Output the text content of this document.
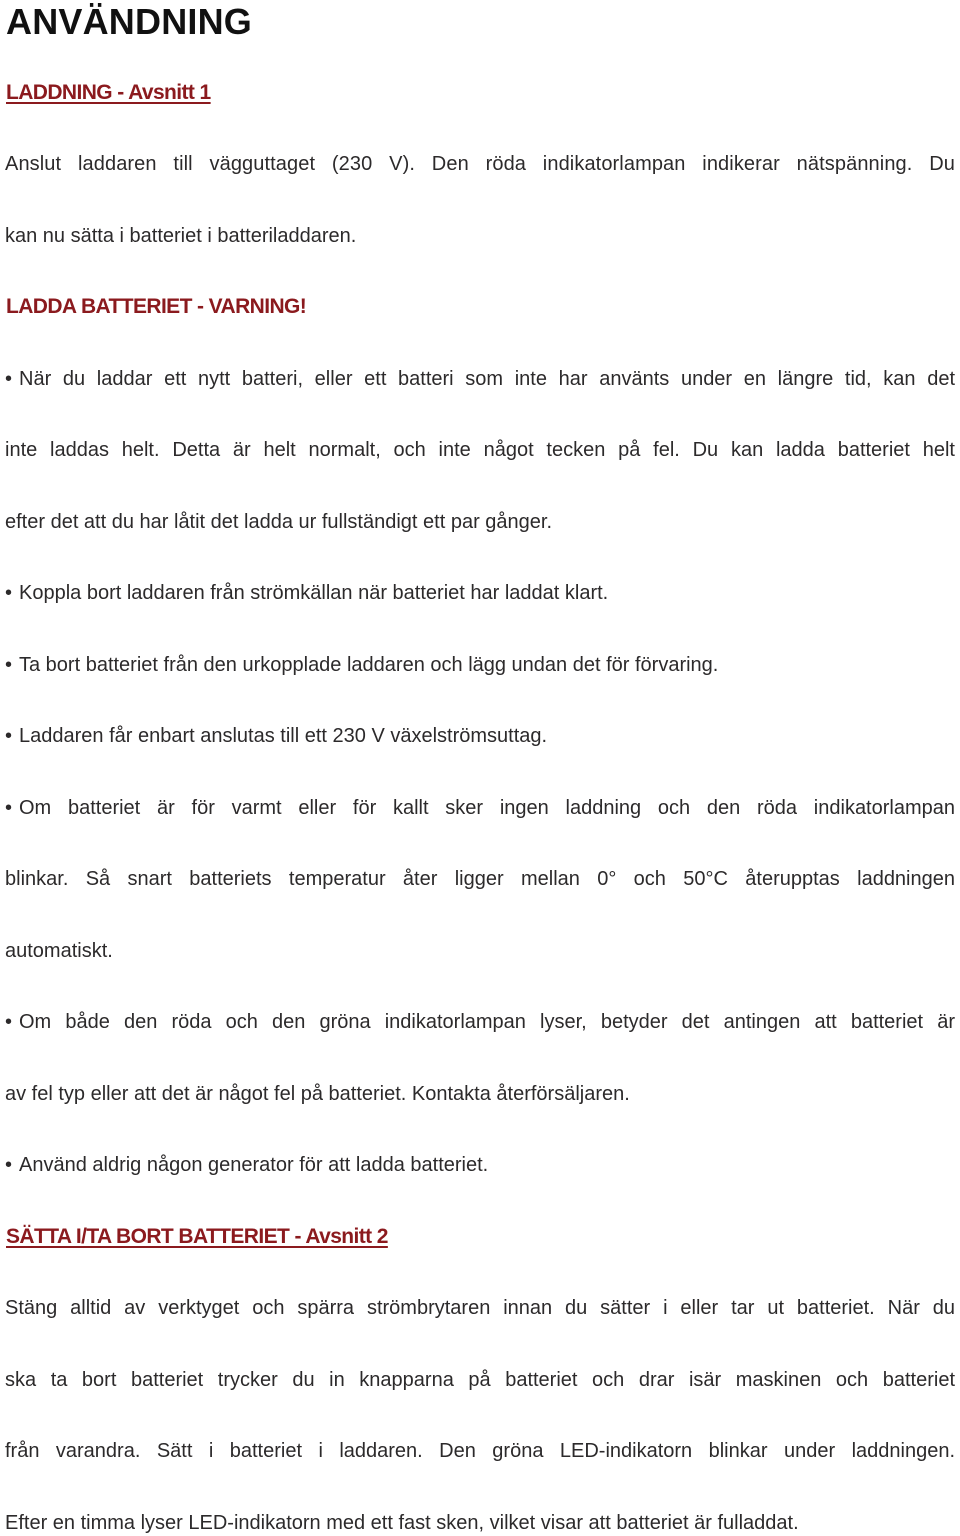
ANVÄNDNING
LADDNING - Avsnitt 1
Anslut laddaren till vägguttaget (230 V). Den röda indikatorlampan indikerar nätspänning. Du
kan nu sätta i batteriet i batteriladdaren.
LADDA BATTERIET - VARNING!
• När du laddar ett nytt batteri, eller ett batteri som inte har använts under en längre tid, kan det
inte laddas helt. Detta är helt normalt, och inte något tecken på fel. Du kan ladda batteriet helt
efter det att du har låtit det ladda ur fullständigt ett par gånger.
• Koppla bort laddaren från strömkällan när batteriet har laddat klart.
• Ta bort batteriet från den urkopplade laddaren och lägg undan det för förvaring.
• Laddaren får enbart anslutas till ett 230 V växelströmsuttag.
• Om batteriet är för varmt eller för kallt sker ingen laddning och den röda indikatorlampan
blinkar. Så snart batteriets temperatur åter ligger mellan 0° och 50°C återupptas laddningen
automatiskt.
• Om både den röda och den gröna indikatorlampan lyser, betyder det antingen att batteriet är
av fel typ eller att det är något fel på batteriet. Kontakta återförsäljaren.
• Använd aldrig någon generator för att ladda batteriet.
SÄTTA I/TA BORT BATTERIET - Avsnitt 2
Stäng alltid av verktyget och spärra strömbrytaren innan du sätter i eller tar ut batteriet. När du
ska ta bort batteriet trycker du in knapparna på batteriet och drar isär maskinen och batteriet
från varandra. Sätt i batteriet i laddaren. Den gröna LED-indikatorn blinkar under laddningen.
Efter en timma lyser LED-indikatorn med ett fast sken, vilket visar att batteriet är fulladdat.
